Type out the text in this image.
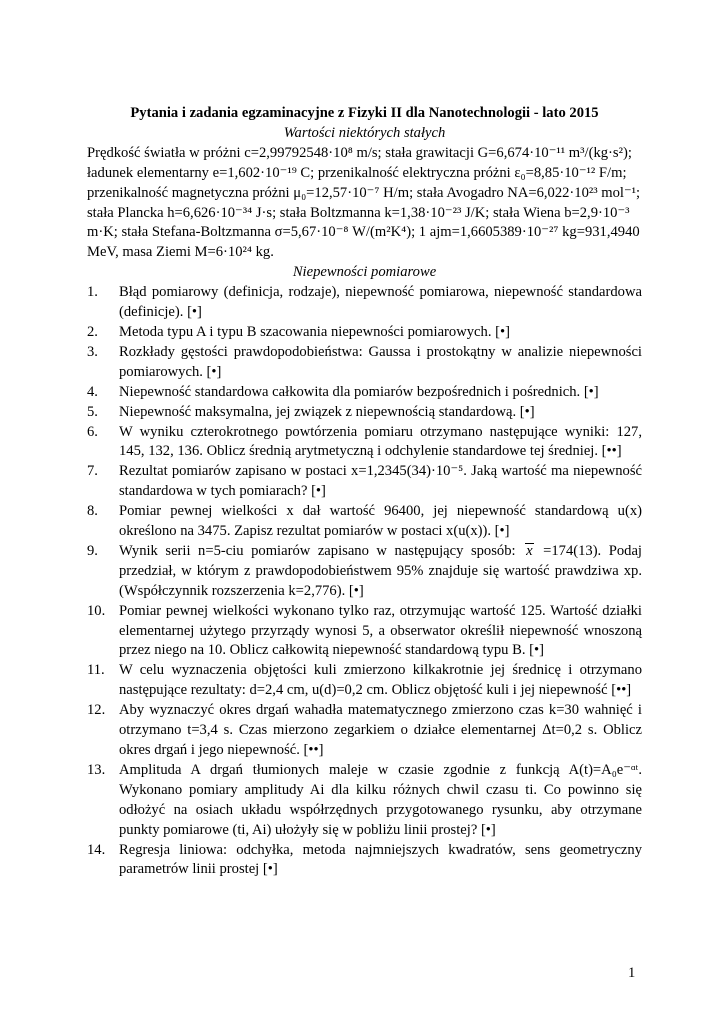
Pytania i zadania egzaminacyjne z Fizyki II dla Nanotechnologii - lato 2015
Wartości niektórych stałych

Prędkość światła w próżni c=2,99792548·10⁸ m/s; stała grawitacji G=6,674·10⁻¹¹ m³/(kg·s²);

ładunek elementarny e=1,602·10⁻¹⁹ C; przenikalność elektryczna próżni ε₀=8,85·10⁻¹² F/m;

przenikalność magnetyczna próżni μ₀=12,57·10⁻⁷ H/m; stała Avogadro NA=6,022·10²³ mol⁻¹;

stała Plancka h=6,626·10⁻³⁴ J·s; stała Boltzmanna k=1,38·10⁻²³ J/K; stała Wiena b=2,9·10⁻³

m·K; stała Stefana-Boltzmanna σ=5,67·10⁻⁸ W/(m²K⁴); 1 ajm=1,6605389·10⁻²⁷ kg=931,4940

MeV, masa Ziemi M=6·10²⁴ kg.

Niepewności pomiarowe
1.	Błąd pomiarowy (definicja, rodzaje), niepewność pomiarowa, niepewność standardowa (definicje). [•]
2.	Metoda typu A i typu B szacowania niepewności pomiarowych. [•]
3.	Rozkłady gęstości prawdopodobieństwa: Gaussa i prostokątny w analizie niepewności pomiarowych. [•]
4.	Niepewność standardowa całkowita dla pomiarów bezpośrednich i pośrednich. [•]
5.	Niepewność maksymalna, jej związek z niepewnością standardową. [•]
6.	W wyniku czterokrotnego powtórzenia pomiaru otrzymano następujące wyniki: 127, 145, 132, 136. Oblicz średnią arytmetyczną i odchylenie standardowe tej średniej. [••]
7.	Rezultat pomiarów zapisano w postaci x=1,2345(34)·10⁻⁵. Jaką wartość ma niepewność standardowa w tych pomiarach? [•]
8.	Pomiar pewnej wielkości x dał wartość 96400, jej niepewność standardową u(x) określono na 3475. Zapisz rezultat pomiarów w postaci x(u(x)). [•]
9.	Wynik serii n=5-ciu pomiarów zapisano w następujący sposób: x =174(13). Podaj przedział, w którym z prawdopodobieństwem 95% znajduje się wartość prawdziwa xp. (Współczynnik rozszerzenia k=2,776). [•]
10. Pomiar pewnej wielkości wykonano tylko raz, otrzymując wartość 125. Wartość działki elementarnej użytego przyrządy wynosi 5, a obserwator określił niepewność wnoszoną przez niego na 10. Oblicz całkowitą niepewność standardową typu B. [•]
11. W celu wyznaczenia objętości kuli zmierzono kilkakrotnie jej średnicę i otrzymano następujące rezultaty: d=2,4 cm, u(d)=0,2 cm. Oblicz objętość kuli i jej niepewność [••]
12. Aby wyznaczyć okres drgań wahadła matematycznego zmierzono czas k=30 wahnięć i otrzymano t=3,4 s. Czas mierzono zegarkiem o działce elementarnej Δt=0,2 s. Oblicz okres drgań i jego niepewność. [••]
13. Amplituda A drgań tłumionych maleje w czasie zgodnie z funkcją A(t)=A₀e⁻ᵅᵗ. Wykonano pomiary amplitudy Ai dla kilku różnych chwil czasu ti. Co powinno się odłożyć na osiach układu współrzędnych przygotowanego rysunku, aby otrzymane punkty pomiarowe (ti, Ai) ułożyły się w pobliżu linii prostej? [•]
14. Regresja liniowa: odchyłka, metoda najmniejszych kwadratów, sens geometryczny parametrów linii prostej [•]
1
